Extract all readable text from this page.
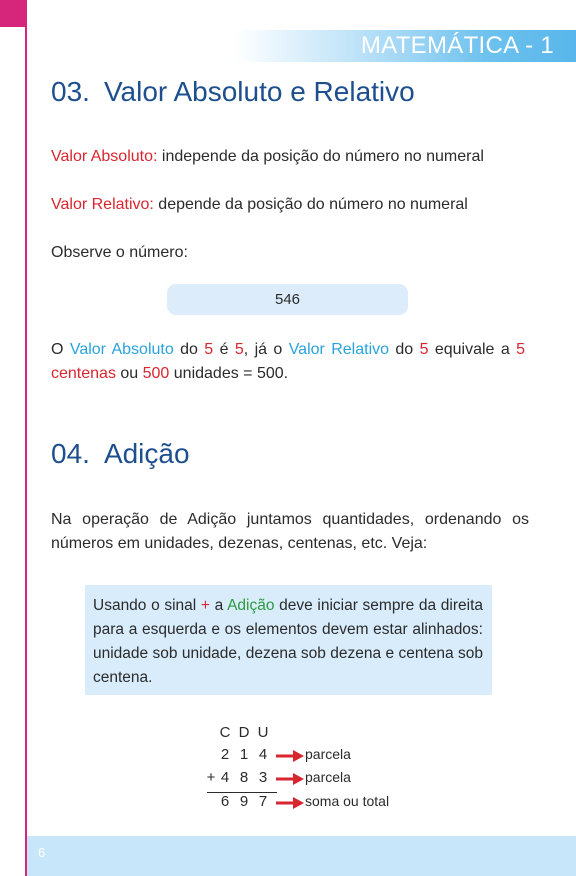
MATEMÁTICA - 1
03. Valor Absoluto e Relativo
Valor Absoluto: independe da posição do número no numeral
Valor Relativo: depende da posição do número no numeral
Observe o número:
546
O Valor Absoluto do 5 é 5, já o Valor Relativo do 5 equivale a 5 centenas ou 500 unidades = 500.
04. Adição
Na operação de Adição juntamos quantidades, ordenando os números em unidades, dezenas, centenas, etc. Veja:
Usando o sinal + a Adição deve iniciar sempre da direita para a esquerda e os elementos devem estar alinhados: unidade sob unidade, dezena sob dezena e centena sob centena.
C D U
2 1 4	parcela
+ 4 8 3	parcela
6 9 7	soma ou total
6
